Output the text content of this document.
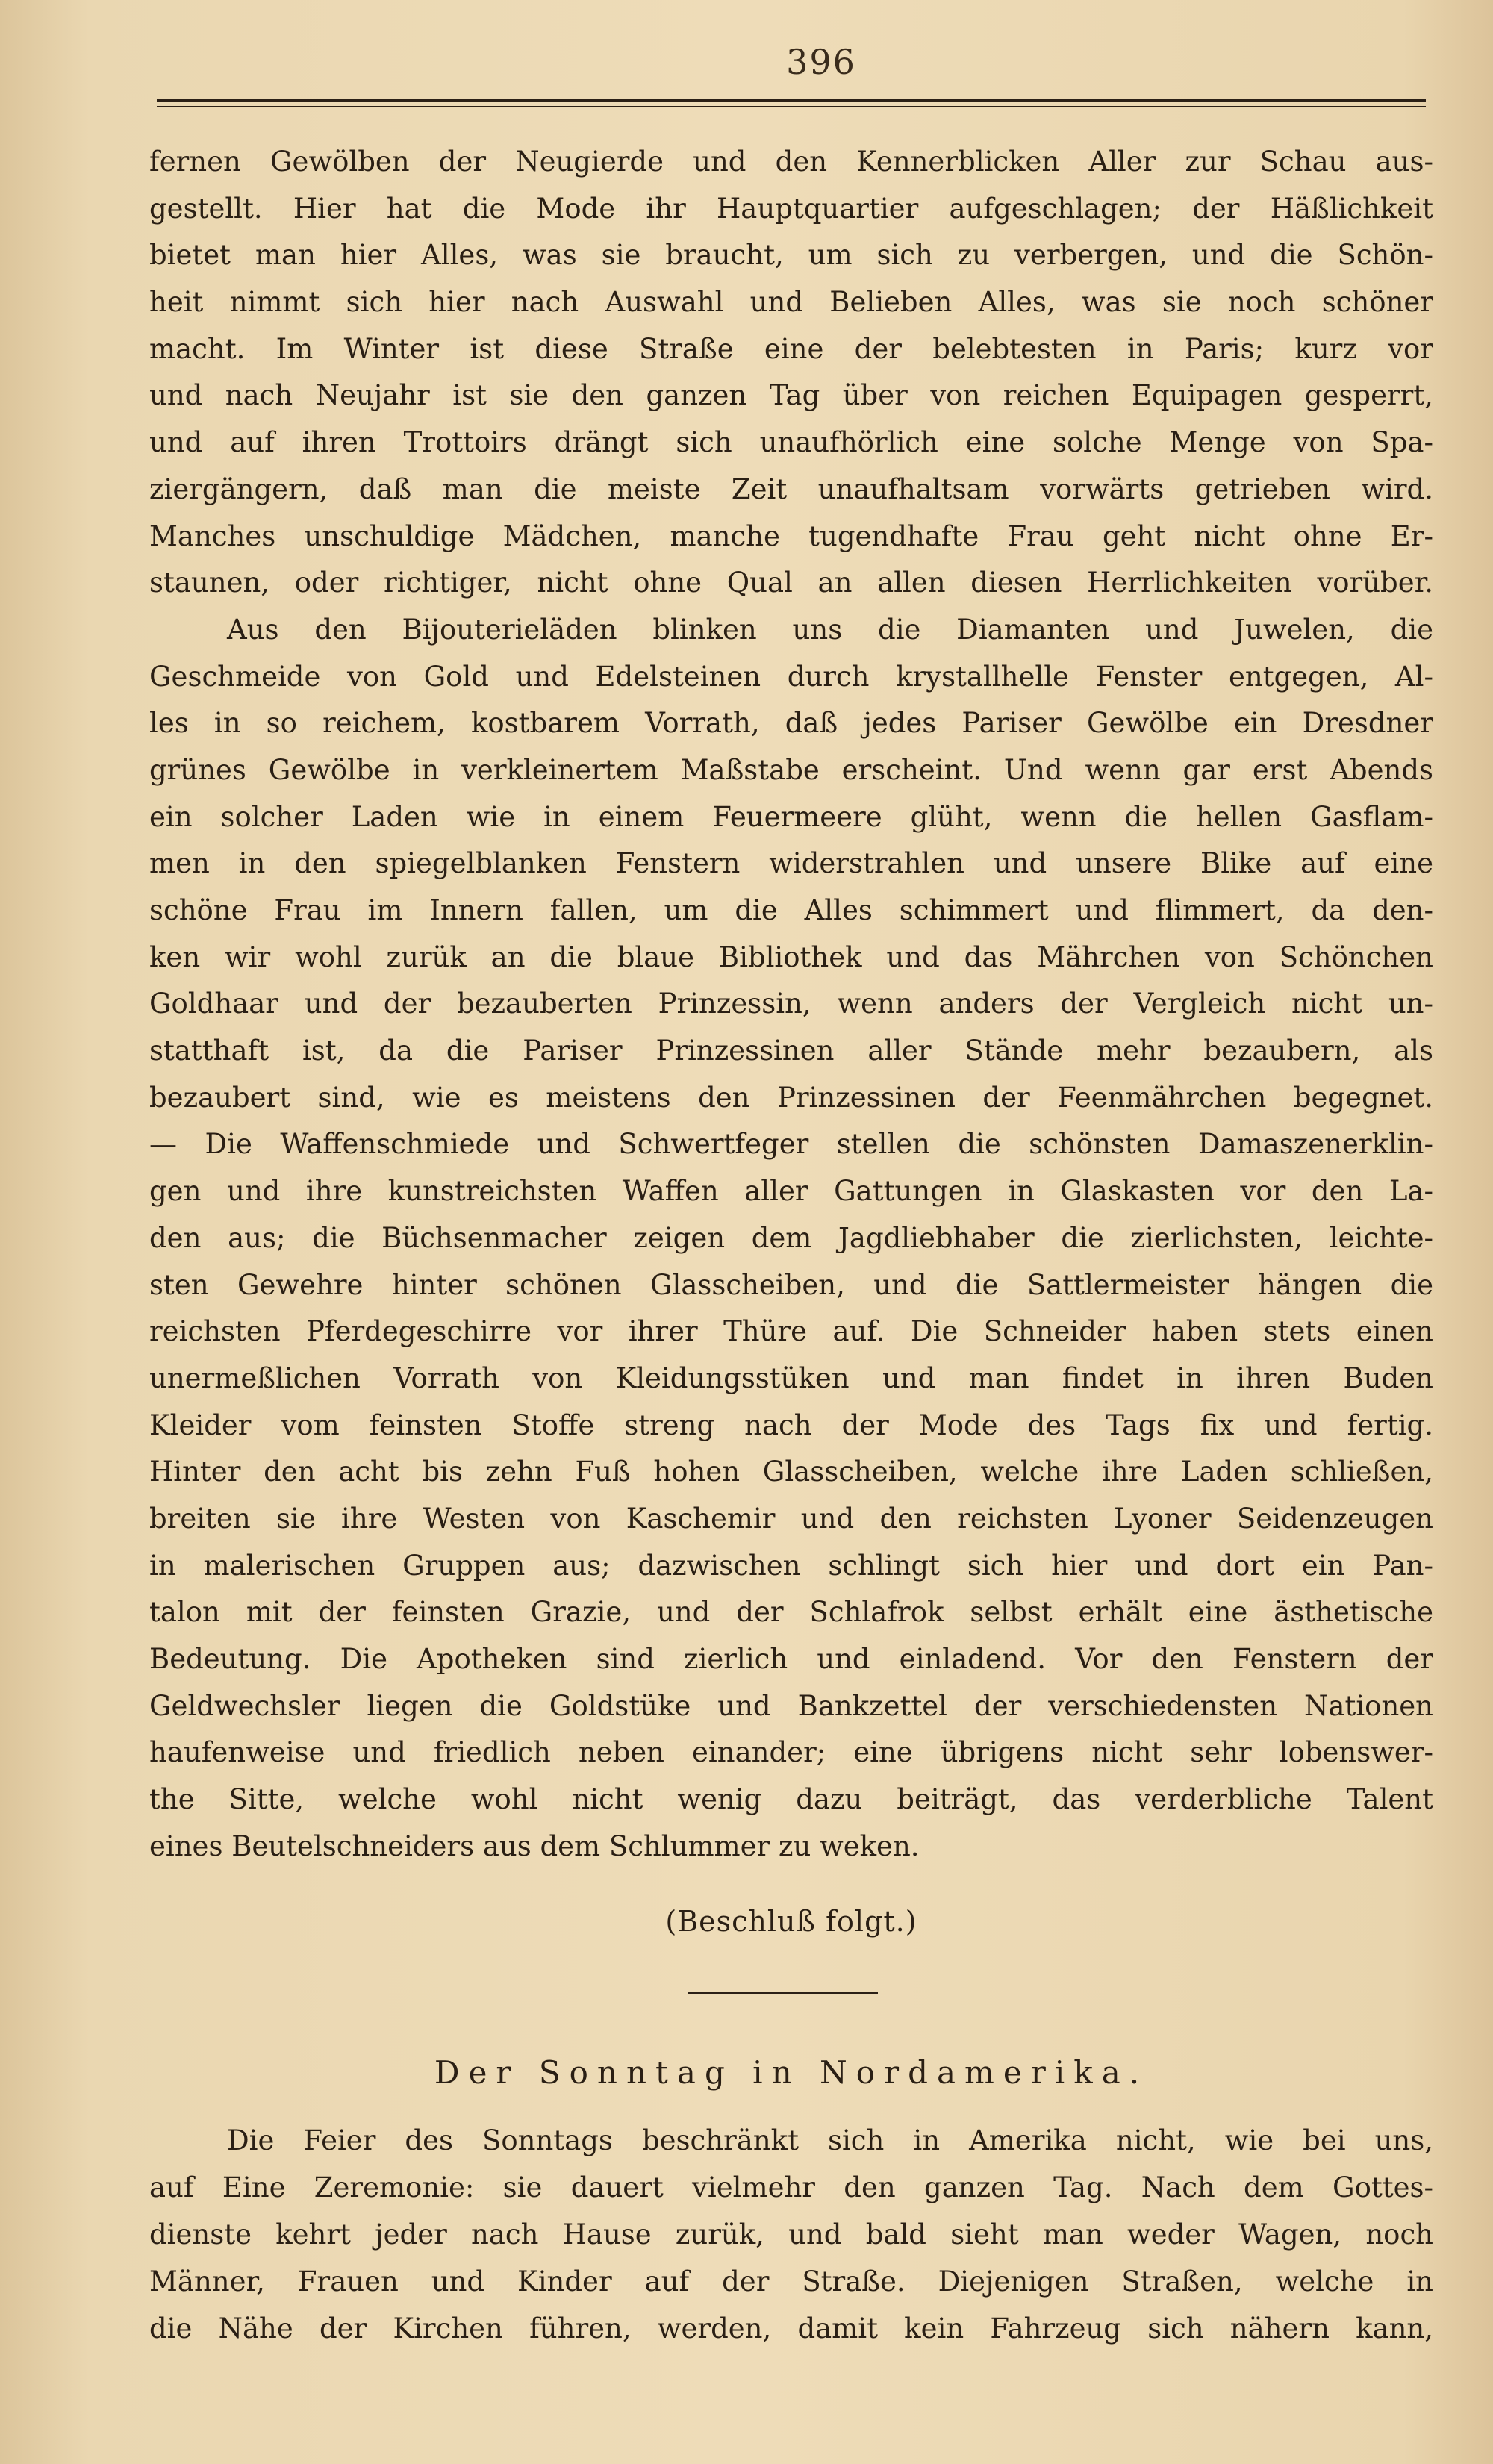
396
fernen Gewölben der Neugierde und den Kennerblicken Aller zur Schau aus-
gestellt. Hier hat die Mode ihr Hauptquartier aufgeschlagen; der Häßlichkeit
bietet man hier Alles, was sie braucht, um sich zu verbergen, und die Schön-
heit nimmt sich hier nach Auswahl und Belieben Alles, was sie noch schöner
macht. Im Winter ist diese Straße eine der belebtesten in Paris; kurz vor
und nach Neujahr ist sie den ganzen Tag über von reichen Equipagen gesperrt,
und auf ihren Trottoirs drängt sich unaufhörlich eine solche Menge von Spa-
ziergängern, daß man die meiste Zeit unaufhaltsam vorwärts getrieben wird.
Manches unschuldige Mädchen, manche tugendhafte Frau geht nicht ohne Er-
staunen, oder richtiger, nicht ohne Qual an allen diesen Herrlichkeiten vorüber.
Aus den Bijouterieläden blinken uns die Diamanten und Juwelen, die
Geschmeide von Gold und Edelsteinen durch krystallhelle Fenster entgegen, Al-
les in so reichem, kostbarem Vorrath, daß jedes Pariser Gewölbe ein Dresdner
grünes Gewölbe in verkleinertem Maßstabe erscheint. Und wenn gar erst Abends
ein solcher Laden wie in einem Feuermeere glüht, wenn die hellen Gasflam-
men in den spiegelblanken Fenstern widerstrahlen und unsere Blike auf eine
schöne Frau im Innern fallen, um die Alles schimmert und flimmert, da den-
ken wir wohl zurük an die blaue Bibliothek und das Mährchen von Schönchen
Goldhaar und der bezauberten Prinzessin, wenn anders der Vergleich nicht un-
statthaft ist, da die Pariser Prinzessinen aller Stände mehr bezaubern, als
bezaubert sind, wie es meistens den Prinzessinen der Feenmährchen begegnet.
— Die Waffenschmiede und Schwertfeger stellen die schönsten Damaszenerklin-
gen und ihre kunstreichsten Waffen aller Gattungen in Glaskasten vor den La-
den aus; die Büchsenmacher zeigen dem Jagdliebhaber die zierlichsten, leichte-
sten Gewehre hinter schönen Glasscheiben, und die Sattlermeister hängen die
reichsten Pferdegeschirre vor ihrer Thüre auf. Die Schneider haben stets einen
unermeßlichen Vorrath von Kleidungsstüken und man findet in ihren Buden
Kleider vom feinsten Stoffe streng nach der Mode des Tags fix und fertig.
Hinter den acht bis zehn Fuß hohen Glasscheiben, welche ihre Laden schließen,
breiten sie ihre Westen von Kaschemir und den reichsten Lyoner Seidenzeugen
in malerischen Gruppen aus; dazwischen schlingt sich hier und dort ein Pan-
talon mit der feinsten Grazie, und der Schlafrok selbst erhält eine ästhetische
Bedeutung. Die Apotheken sind zierlich und einladend. Vor den Fenstern der
Geldwechsler liegen die Goldstüke und Bankzettel der verschiedensten Nationen
haufenweise und friedlich neben einander; eine übrigens nicht sehr lobenswer-
the Sitte, welche wohl nicht wenig dazu beiträgt, das verderbliche Talent
eines Beutelschneiders aus dem Schlummer zu weken.
(Beschluß folgt.)
Der Sonntag in Nordamerika.
Die Feier des Sonntags beschränkt sich in Amerika nicht, wie bei uns,
auf Eine Zeremonie: sie dauert vielmehr den ganzen Tag. Nach dem Gottes-
dienste kehrt jeder nach Hause zurük, und bald sieht man weder Wagen, noch
Männer, Frauen und Kinder auf der Straße. Diejenigen Straßen, welche in
die Nähe der Kirchen führen, werden, damit kein Fahrzeug sich nähern kann,
